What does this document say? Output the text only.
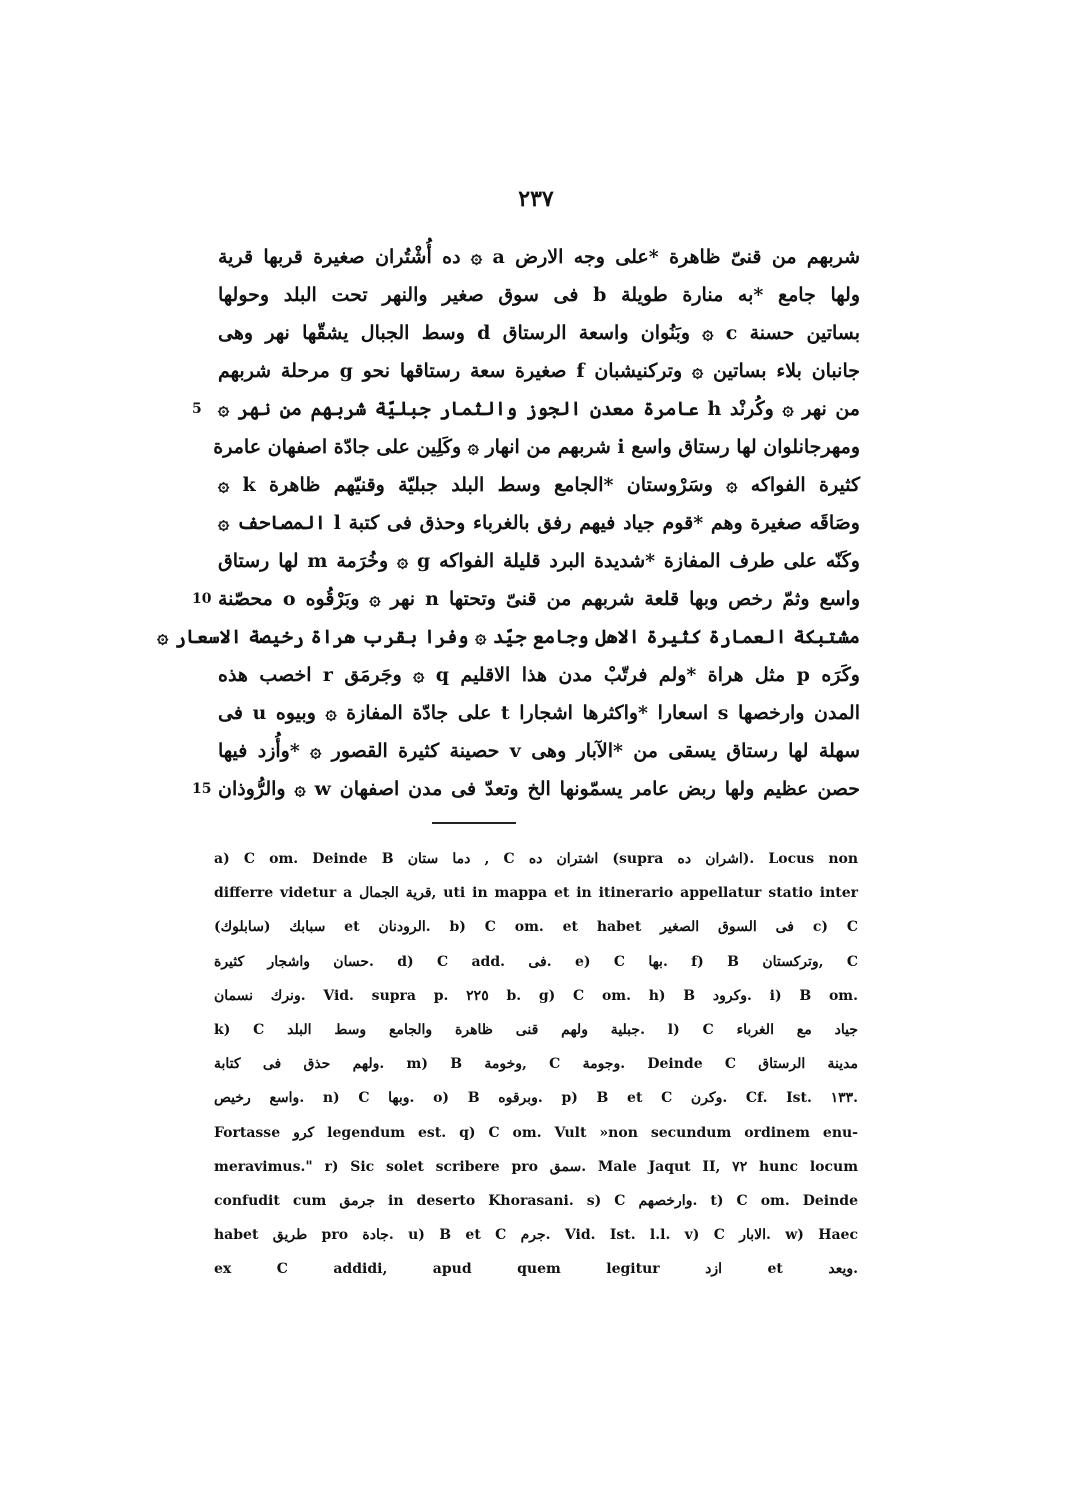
٢٣٧
شربهم من قنىّ ظاهرة *على وجه الارض a ۞ ده أُشْتُران صغيرة قربها قرية
ولها جامع *به منارة طويلة b فى سوق صغير والنهر تحت البلد وحولها
بساتين حسنة c ۞ وبَنُوان واسعة الرستاق d وسط الجبال يشقّها نهر وهى
جانبان بلاء بساتين ۞ وتركنيشبان f صغيرة سعة رستاقها نحو g مرحلة شربهم
من نهر ۞ وكُرنْد h عامرة معدن الجوز والثمار جبليّة شربهم من نهر ۞
5
ومهرجانلوان لها رستاق واسع i شربهم من انهار ۞ وكَلِين على جادّة اصفهان عامرة
كثيرة الفواكه ۞ وسَرْوستان *الجامع وسط البلد جبليّة وقنيّهم ظاهرة k ۞
وصَاقَه صغيرة وهم *قوم جياد فيهم رفق بالغرباء وحذق فى كتبة l المصاحف ۞
وكَنّه على طرف المفازة *شديدة البرد قليلة الفواكه g ۞ وخُرَمة m لها رستاق
واسع وثمّ رخص وبها قلعة شربهم من قنىّ وتحتها n نهر ۞ وبَرْقُوه o محصّنة
10
مشتبكة العمارة كثيرة الاهل وجامع جيّد ۞ وفرا بقرب هراة رخيصة الاسعار ۞
وكَرَه p مثل هراة *ولم فرتّبْ مدن هذا الاقليم q ۞ وجَرمَق r اخصب هذه
المدن وارخصها s اسعارا *واكثرها اشجارا t على جادّة المفازة ۞ وبيوه u فى
سهلة لها رستاق يسقى من *الآبار وهى v حصينة كثيرة القصور ۞ *وأُزد فيها
حصن عظيم ولها ربض عامر يسمّونها الخ وتعدّ فى مدن اصفهان w ۞ والرُّوذان
15
a) C om. Deinde B دما ستان , C اشتران ده (supra اشران ده). Locus non
differre videtur a قرية الجمال, uti in mappa et in itinerario appellatur statio inter
سبابك (سابلوك) et الرودنان. b) C om. et habet فى السوق الصغير c) C
حسان واشجار كثيرة. d) C add. فى. e) C بها. f) B وتركستان, C
ونرك نسمان. Vid. supra p. ٢٢٥ b. g) C om. h) B وكرود. i) B om.
k) C جبلية ولهم قنى ظاهرة والجامع وسط البلد. l) C جياد مع الغرباء
ولهم حذق فى كتابة. m) B وخومة, C وجومة. Deinde C مدينة الرستاق
واسع رخيص. n) C وبها. o) B وبرقوه. p) B et C وكرن. Cf. Ist. ١٣٣.
Fortasse كرو legendum est. q) C om. Vult »non secundum ordinem enu-
meravimus." r) Sic solet scribere pro سمق. Male Jaqut II, ٧٢ hunc locum
confudit cum جرمق in deserto Khorasani. s) C وارخصهم. t) C om. Deinde
habet طريق pro جادة. u) B et C جرم. Vid. Ist. l.l. v) C الابار. w) Haec
ex C addidi, apud quem legitur ازد et ويعد.
